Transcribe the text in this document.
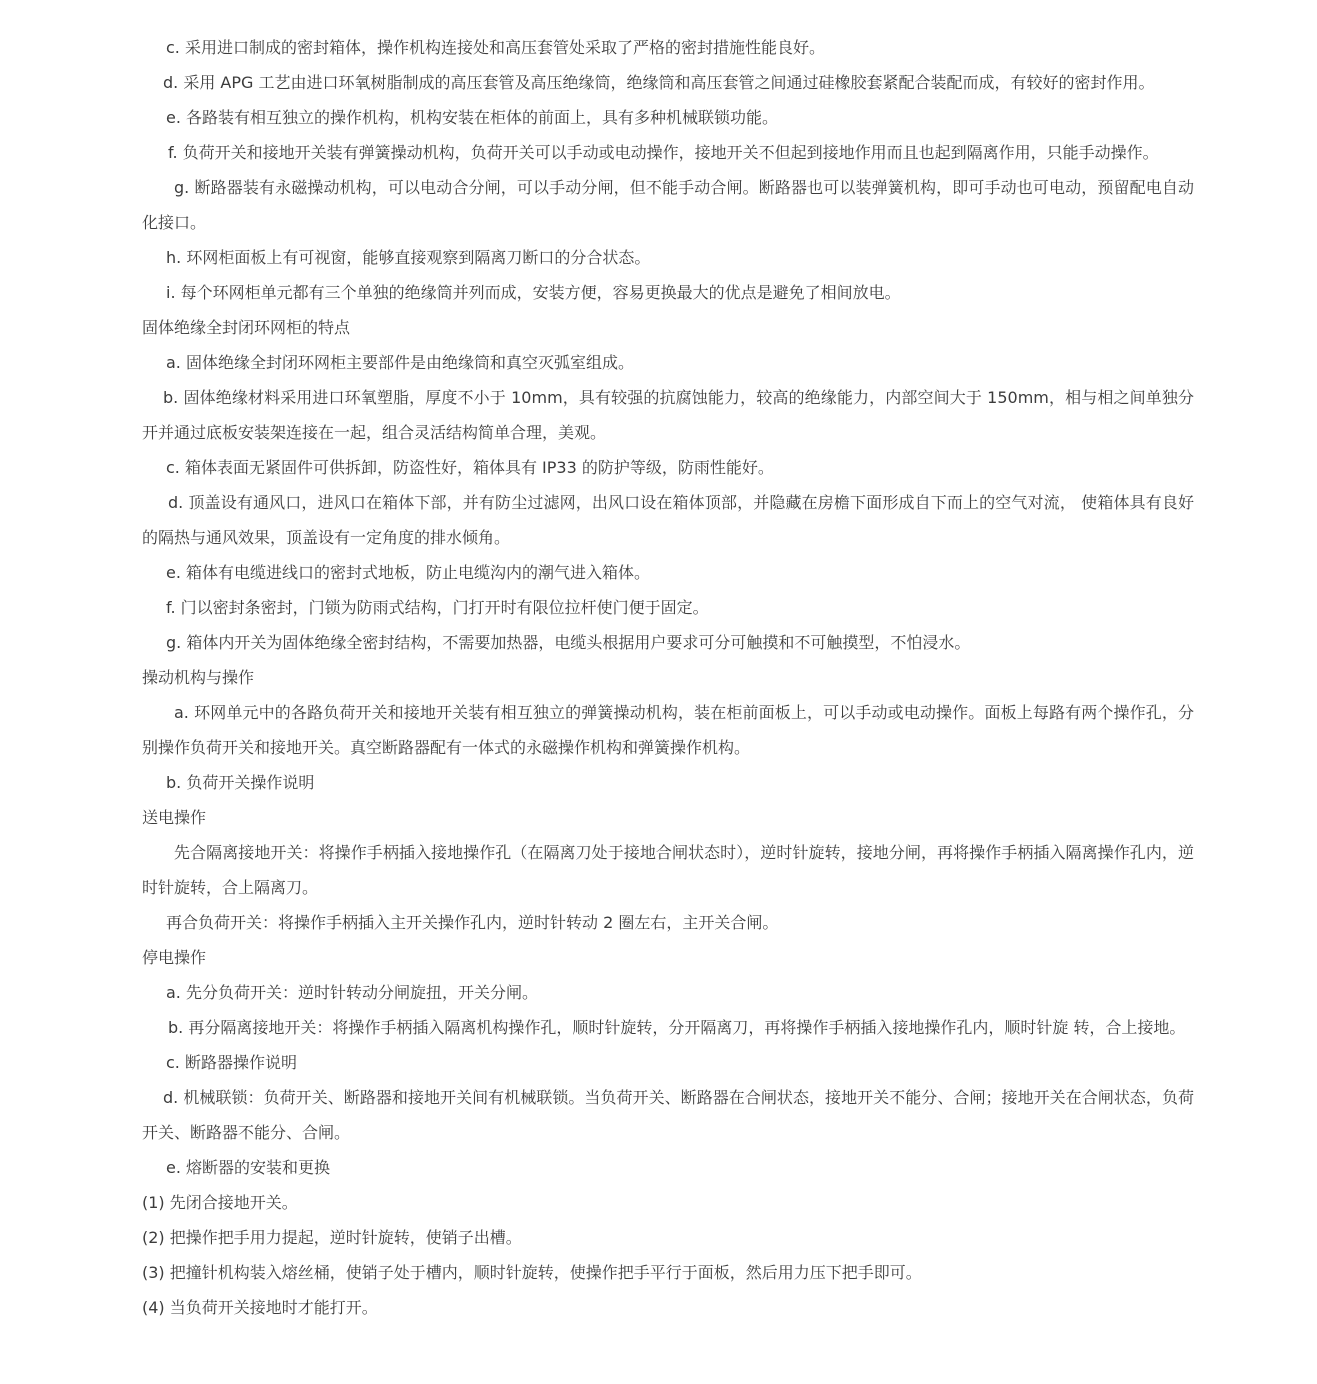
c. 采用进口制成的密封箱体，操作机构连接处和高压套管处采取了严格的密封措施性能良好。

d. 采用 APG 工艺由进口环氧树脂制成的高压套管及高压绝缘筒，绝缘筒和高压套管之间通过硅橡胶套紧配合装配而成，有较好的密封作用。

e. 各路装有相互独立的操作机构，机构安装在柜体的前面上，具有多种机械联锁功能。

f. 负荷开关和接地开关装有弹簧操动机构，负荷开关可以手动或电动操作，接地开关不但起到接地作用而且也起到隔离作用，只能手动操作。

g. 断路器装有永磁操动机构，可以电动合分闸，可以手动分闸，但不能手动合闸。断路器也可以装弹簧机构，即可手动也可电动，预留配电自动化接口。

h. 环网柜面板上有可视窗，能够直接观察到隔离刀断口的分合状态。

i. 每个环网柜单元都有三个单独的绝缘筒并列而成，安装方便，容易更换最大的优点是避免了相间放电。

固体绝缘全封闭环网柜的特点

a. 固体绝缘全封闭环网柜主要部件是由绝缘筒和真空灭弧室组成。

b. 固体绝缘材料采用进口环氧塑脂，厚度不小于 10mm，具有较强的抗腐蚀能力，较高的绝缘能力，内部空间大于 150mm，相与相之间单独分开并通过底板安装架连接在一起，组合灵活结构简单合理，美观。

c. 箱体表面无紧固件可供拆卸，防盗性好，箱体具有 IP33 的防护等级，防雨性能好。

d. 顶盖设有通风口，进风口在箱体下部，并有防尘过滤网，出风口设在箱体顶部，并隐藏在房檐下面形成自下而上的空气对流， 使箱体具有良好的隔热与通风效果，顶盖设有一定角度的排水倾角。

e. 箱体有电缆进线口的密封式地板，防止电缆沟内的潮气进入箱体。

f. 门以密封条密封，门锁为防雨式结构，门打开时有限位拉杆使门便于固定。

g. 箱体内开关为固体绝缘全密封结构，不需要加热器，电缆头根据用户要求可分可触摸和不可触摸型，不怕浸水。

操动机构与操作

a. 环网单元中的各路负荷开关和接地开关装有相互独立的弹簧操动机构，装在柜前面板上，可以手动或电动操作。面板上每路有两个操作孔，分别操作负荷开关和接地开关。真空断路器配有一体式的永磁操作机构和弹簧操作机构。

b. 负荷开关操作说明

送电操作

先合隔离接地开关：将操作手柄插入接地操作孔（在隔离刀处于接地合闸状态时），逆时针旋转，接地分闸，再将操作手柄插入隔离操作孔内，逆时针旋转，合上隔离刀。

再合负荷开关：将操作手柄插入主开关操作孔内，逆时针转动 2 圈左右，主开关合闸。

停电操作

a. 先分负荷开关：逆时针转动分闸旋扭，开关分闸。

b. 再分隔离接地开关：将操作手柄插入隔离机构操作孔，顺时针旋转，分开隔离刀，再将操作手柄插入接地操作孔内，顺时针旋 转，合上接地。

c. 断路器操作说明

d. 机械联锁：负荷开关、断路器和接地开关间有机械联锁。当负荷开关、断路器在合闸状态，接地开关不能分、合闸；接地开关在合闸状态，负荷开关、断路器不能分、合闸。

e. 熔断器的安装和更换

(1) 先闭合接地开关。

(2) 把操作把手用力提起，逆时针旋转，使销子出槽。

(3) 把撞针机构装入熔丝桶，使销子处于槽内，顺时针旋转，使操作把手平行于面板，然后用力压下把手即可。

(4) 当负荷开关接地时才能打开。
